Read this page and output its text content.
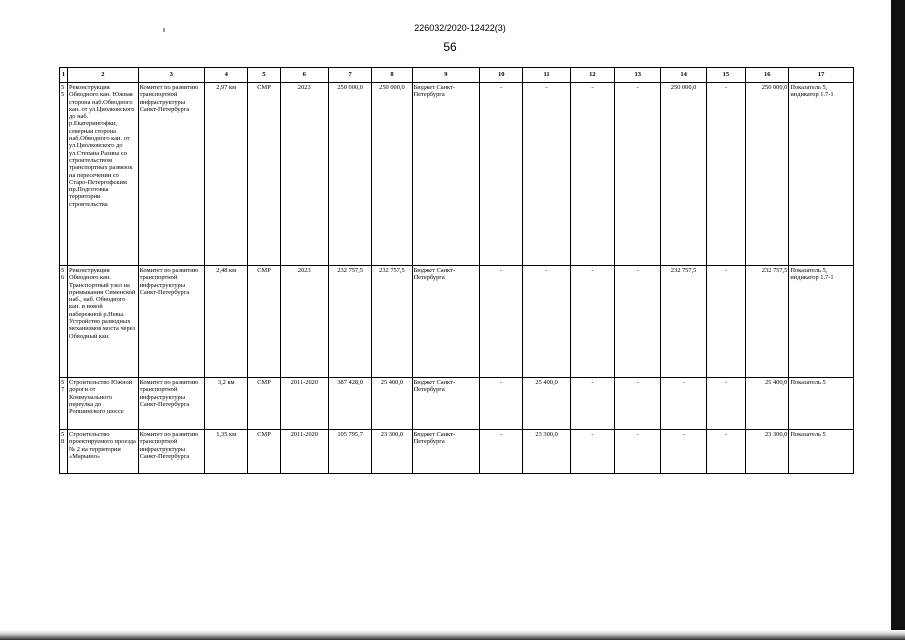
226032/2020-12422(3)
56
1	2	3	4	5	6	7	8	9	10	11	12	13	14	15	16	17
55	Реконструкция Обводного кан. Южная сторона наб.Обводного кан. от ул.Циолковского до наб. р.Екатерингофки, северная сторона наб.Обводного кан. от ул.Циолковского до ул.Степана Разина со строительством транспортных развязок на пересечении со Старо-Петергофским пр.Подготовка территории строительства	Комитет по развитию транспортной инфраструктуры Санкт-Петербурга	2,97 км	СМР	2023	250 000,0	250 000,0	Бюджет Санкт-Петербурга	-	-	-	-	250 000,0	-	250 000,0	Показатель 5, индикатор 1.7-1
56	Реконструкция Обводного кан. Транспортный узел на примыкании Сименской наб., наб. Обводного кан. и новой набережной р.Невы. Устройство разводных механизмов моста через Обводный кан.	Комитет по развитию транспортной инфраструктуры Санкт-Петербурга	2,48 км	СМР	2023	232 757,5	232 757,5	Бюджет Санкт-Петербурга	-	-	-	-	232 757,5	-	232 757,5	Показатель 5, индикатор 1.7-1
57	Строительство Южной дороги от Коммунального переулка до Ропшинского шоссе	Комитет по развитию транспортной инфраструктуры Санкт-Петербурга	3,2 км	СМР	2011-2020	387 428,0	25 400,0	Бюджет Санкт-Петербурга	-	25 400,0	-	-	-	-	25 400,0	Показатель 5
58	Строительство проектируемого проезда № 2 на территории «Марьино»	Комитет по развитию транспортной инфраструктуры Санкт-Петербурга	1,35 км	СМР	2011-2020	105 795,7	23 300,0	Бюджет Санкт-Петербурга	-	23 300,0	-	-	-	-	23 300,0	Показатель 5
